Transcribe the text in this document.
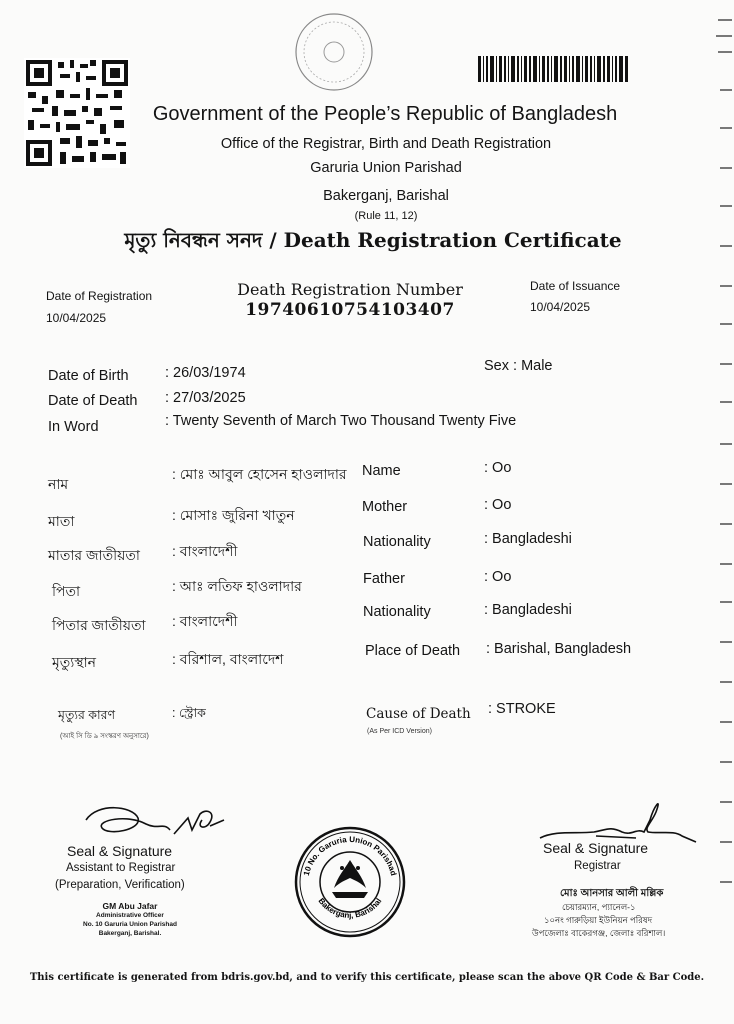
Government of the People’s Republic of Bangladesh
Office of the Registrar, Birth and Death Registration
Garuria Union Parishad
Bakerganj, Barishal
(Rule 11, 12)
মৃত্যু নিবন্ধন সনদ / Death Registration Certificate
Date of Registration
10/04/2025
Death Registration Number
19740610754103407
Date of Issuance
10/04/2025
Date of Birth	: 26/03/1974
Date of Death : 27/03/2025
In Word	: Twenty Seventh of March Two Thousand Twenty Five
Sex : Male
নাম
: মোঃ আবুল হোসেন হাওলাদার
মাতা	: মোসাঃ জুরিনা খাতুন
মাতার জাতীয়তা : বাংলাদেশী
পিতা	: আঃ লতিফ হাওলাদার
পিতার জাতীয়তা : বাংলাদেশী
মৃত্যুস্থান	: বরিশাল, বাংলাদেশ
মৃত্যুর কারণ	: স্ট্রোক
(আই সি ডি ৯ সংস্করণ অনুসারে)
Name	: Oo
Mother	: Oo
Nationality	: Bangladeshi
Father	: Oo
Nationality	: Bangladeshi
Place of Death : Barishal, Bangladesh
Cause of Death : STROKE
(As Per ICD Version)
Seal & Signature
Assistant to Registrar
(Preparation, Verification)
GM Abu Jafar
Administrative Officer
No. 10 Garuria Union Parishad
Bakerganj, Barishal.
10 No. Garuria Union Parishad
Bakerganj, Barishal
Seal & Signature
Registrar
মোঃ আনসার আলী মল্লিক
চেয়ারম্যান, প্যানেল-১
১০নং গারুড়িয়া ইউনিয়ন পরিষদ
উপজেলাঃ বাকেরগঞ্জ, জেলাঃ বরিশাল।
This certificate is generated from bdris.gov.bd, and to verify this certificate, please scan the above QR Code & Bar Code.
